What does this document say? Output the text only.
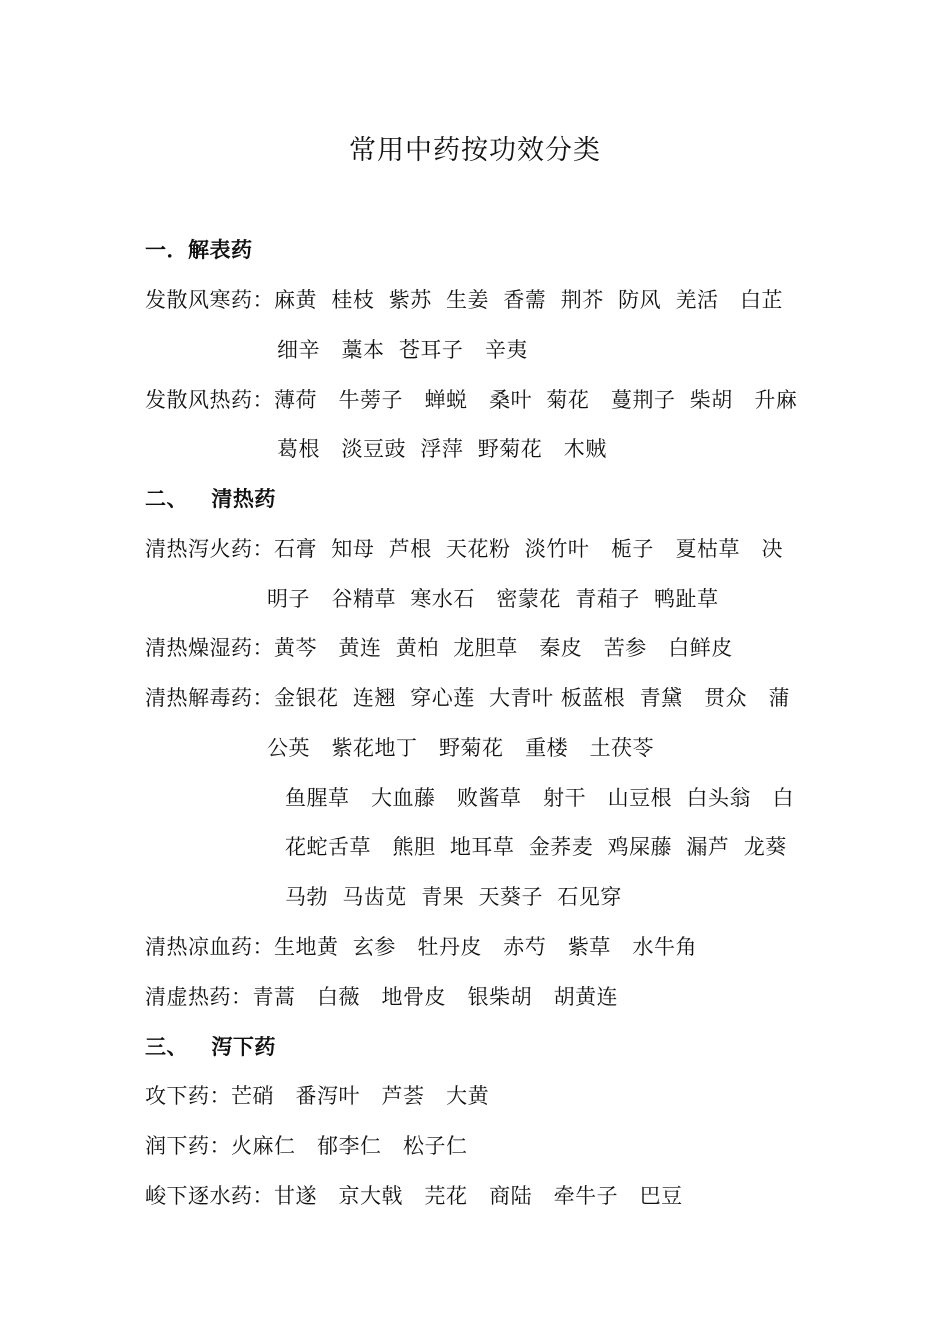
常用中药按功效分类
一．解表药
发散风寒药：麻黄  桂枝  紫苏  生姜  香薷  荆芥  防风  羌活   白芷
细辛   藁本  苍耳子   辛夷
发散风热药：薄荷   牛蒡子   蝉蜕   桑叶  菊花   蔓荆子  柴胡   升麻
葛根   淡豆豉  浮萍  野菊花   木贼
二、   清热药
清热泻火药：石膏  知母  芦根  天花粉  淡竹叶   栀子   夏枯草   决
明子   谷精草  寒水石   密蒙花  青葙子  鸭趾草
清热燥湿药：黄芩   黄连  黄柏  龙胆草   秦皮   苦参   白鲜皮
清热解毒药：金银花  连翘  穿心莲  大青叶 板蓝根  青黛   贯众   蒲
公英   紫花地丁   野菊花   重楼   土茯苓
鱼腥草   大血藤   败酱草   射干   山豆根  白头翁   白
花蛇舌草   熊胆  地耳草  金荞麦  鸡屎藤  漏芦  龙葵
马勃  马齿苋  青果  天葵子  石见穿
清热凉血药：生地黄  玄参   牡丹皮   赤芍   紫草   水牛角
清虚热药：青蒿   白薇   地骨皮   银柴胡   胡黄连
三、   泻下药
攻下药：芒硝   番泻叶   芦荟   大黄
润下药：火麻仁   郁李仁   松子仁
峻下逐水药：甘遂   京大戟   芫花   商陆   牵牛子   巴豆
